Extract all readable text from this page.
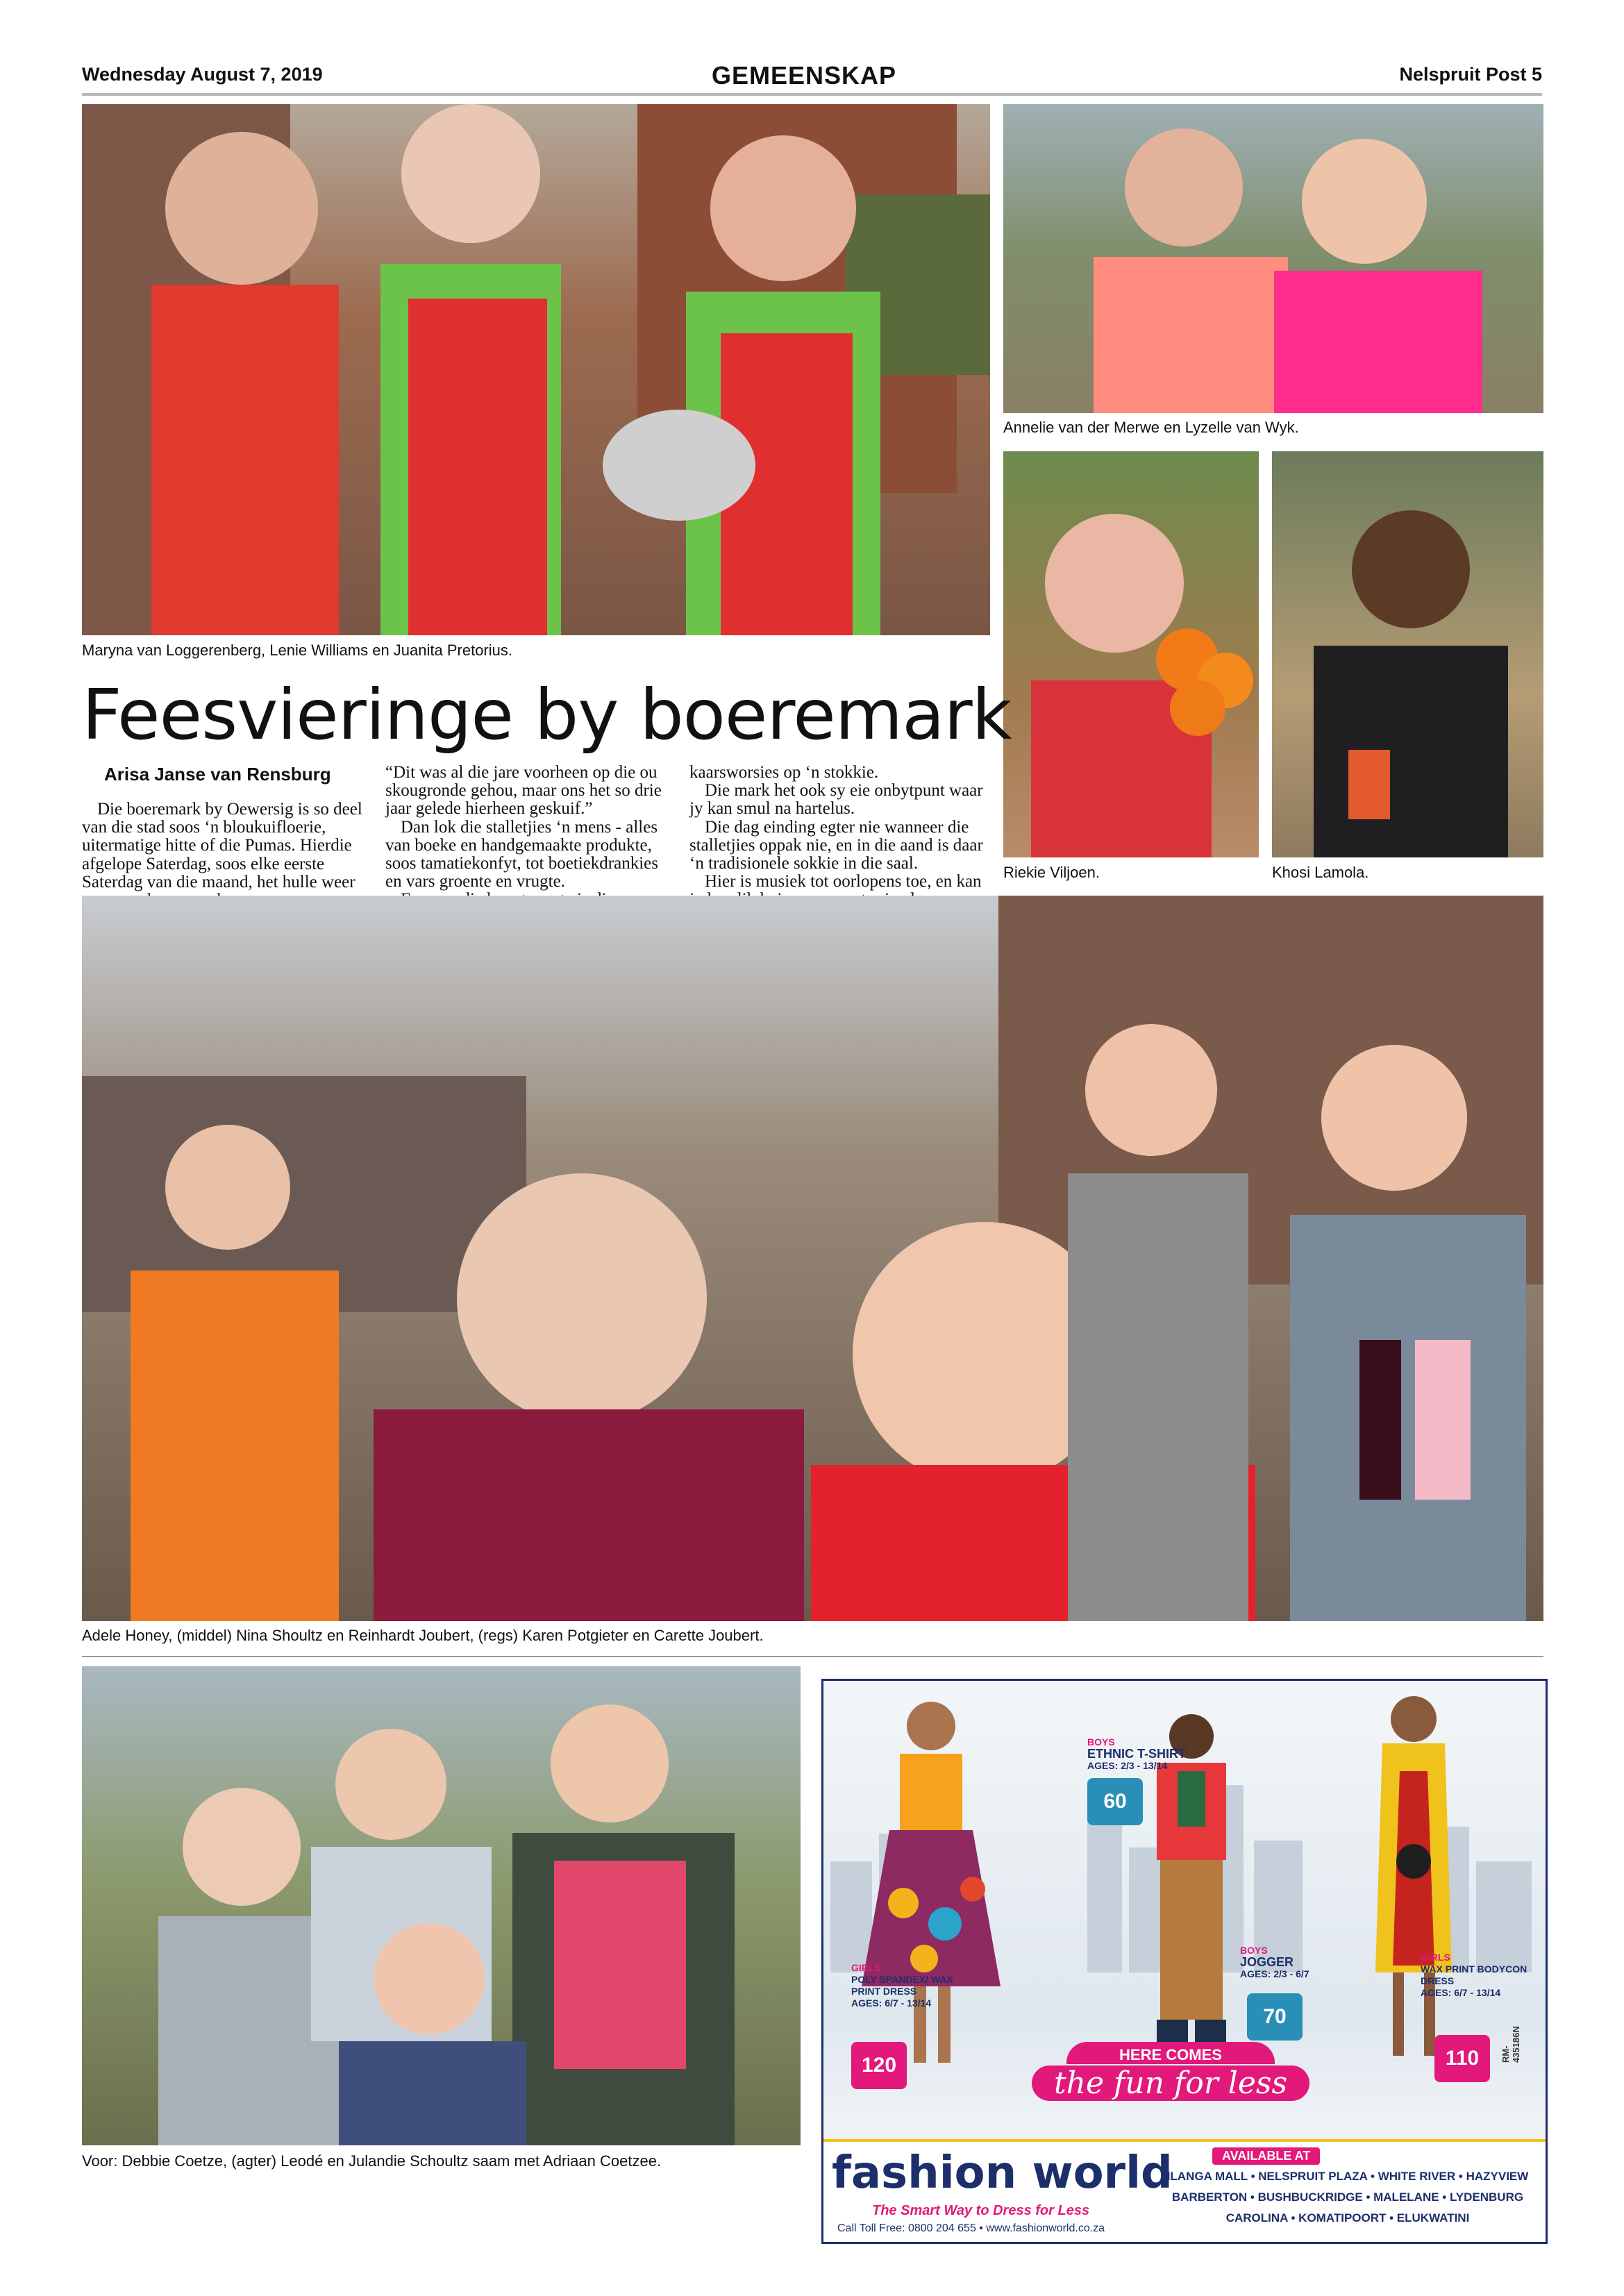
Wednesday August 7, 2019	GEMEENSKAP	Nelspruit Post 5
Maryna van Loggerenberg, Lenie Williams en Juanita Pretorius.
Annelie van der Merwe en Lyzelle van Wyk.
Riekie Viljoen.	Khosi Lamola.
Feesvieringe by boeremark
Arisa Janse van Rensburg

Die boeremark by Oewersig is so deel van die stad soos ‘n bloukuifloerie, uitermatige hitte of die Pumas. Hierdie afgelope Saterdag, soos elke eerste Saterdag van die maand, het hulle weer

“Dit was al die jare voorheen op die ou skougronde gehou, maar ons het so drie jaar gelede hierheen geskuif.”

Dan lok die stalletjies ‘n mens - alles van boeke en handgemaakte produkte, soos tamatiekonfyt, tot boetiekdrankies en vars groente en vrugte.

kaarsworsies op ‘n stokkie.

Die mark het ook sy eie onbytpunt waar jy kan smul na hartelus.

Die dag einding egter nie wanneer die stalletjies oppak nie, en in die aand is daar ‘n tradisionele sokkie in die saal.

Hier is musiek tot oorlopens toe, en kan

Adele Honey, (middel) Nina Shoultz en Reinhardt Joubert, (regs) Karen Potgieter en Carette Joubert.
Voor: Debbie Coetze, (agter) Leodé en Julandie Schoultz saam met Adriaan Coetzee.
BOYS
ETHNIC T-SHIRT
AGES: 2/3 - 13/14
60
BOYS
JOGGER
AGES: 2/3 - 6/7
70
GIRLS
POLY SPANDEX/ WAX PRINT DRESS
AGES: 6/7 - 13/14
120
GIRLS
WAX PRINT BODYCON DRESS
AGES: 6/7 - 13/14
110
HERE COMES
the fun for less
RM-435186N
fashion world
The Smart Way to Dress for Less
Call Toll Free: 0800 204 655 • www.fashionworld.co.za
AVAILABLE AT
ILANGA MALL • NELSPRUIT PLAZA • WHITE RIVER • HAZYVIEW
BARBERTON • BUSHBUCKRIDGE • MALELANE • LYDENBURG
CAROLINA • KOMATIPOORT • ELUKWATINI
